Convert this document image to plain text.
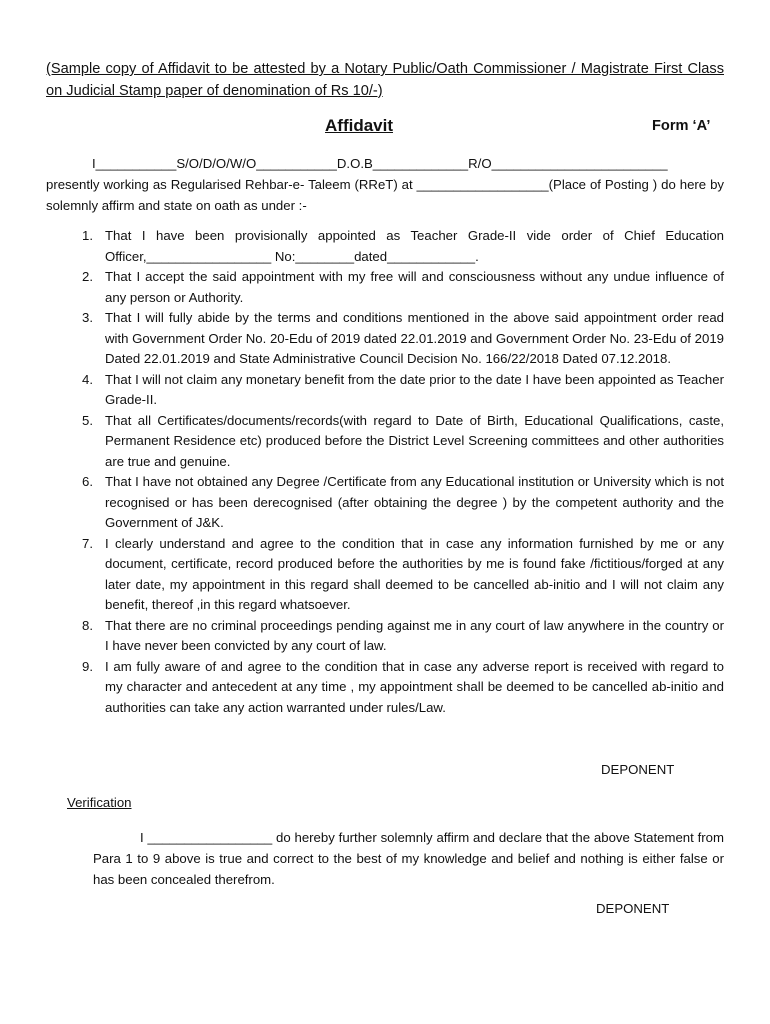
(Sample copy of Affidavit to be attested by a Notary Public/Oath Commissioner / Magistrate First Class on Judicial Stamp paper of denomination of Rs 10/-)
Affidavit	Form ‘A’
I___________S/O/D/O/W/O___________D.O.B_____________R/O________________________
presently working as Regularised Rehbar-e- Taleem (RReT) at __________________(Place of Posting ) do here by solemnly affirm and state on oath as under :-
1. That I have been provisionally appointed as Teacher Grade-II vide order of Chief Education Officer,_________________ No:________dated____________.
2. That I accept the said appointment with my free will and consciousness without any undue influence of any person or Authority.
3. That I will fully abide by the terms and conditions mentioned in the above said appointment order read with Government Order No. 20-Edu of 2019 dated 22.01.2019 and Government Order No. 23-Edu of 2019 Dated 22.01.2019 and State Administrative Council Decision No. 166/22/2018 Dated 07.12.2018.
4. That I will not claim any monetary benefit from the date prior to the date I have been appointed as Teacher Grade-II.
5. That all Certificates/documents/records(with regard to Date of Birth, Educational Qualifications, caste, Permanent Residence etc) produced before the District Level Screening committees and other authorities are true and genuine.
6. That I have not obtained any Degree /Certificate from any Educational institution or University which is not recognised or has been derecognised (after obtaining the degree ) by the competent authority and the Government of J&K.
7. I clearly understand and agree to the condition that in case any information furnished by me or any document, certificate, record produced before the authorities by me is found fake /fictitious/forged at any later date, my appointment in this regard shall deemed to be cancelled ab-initio and I will not claim any benefit, thereof ,in this regard whatsoever.
8. That there are no criminal proceedings pending against me in any court of law anywhere in the country or I have never been convicted by any court of law.
9. I am fully aware of and agree to the condition that in case any adverse report is received with regard to my character and antecedent at any time , my appointment shall be deemed to be cancelled ab-initio and authorities can take any action warranted under rules/Law.
DEPONENT
Verification
I _________________ do hereby further solemnly affirm and declare that the above Statement from Para 1 to 9 above is true and correct to the best of my knowledge and belief and nothing is either false or has been concealed therefrom.
DEPONENT
